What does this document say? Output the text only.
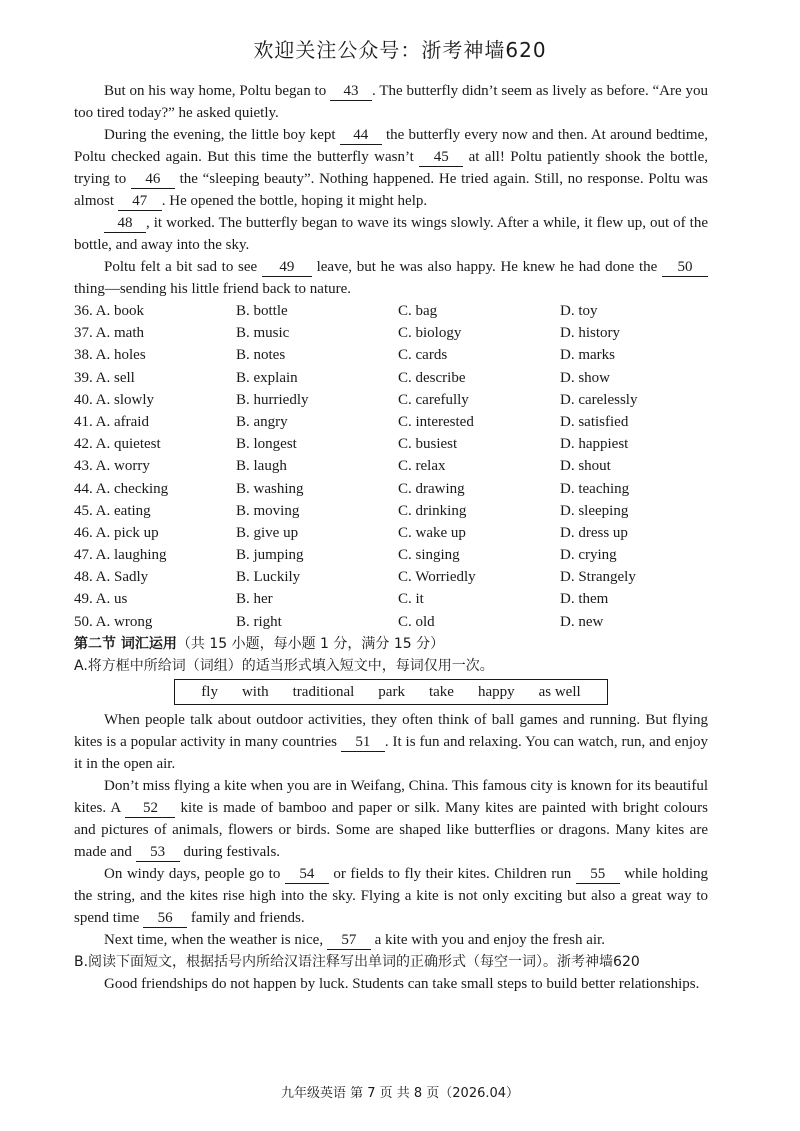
欢迎关注公众号：浙考神墙620

But on his way home, Poltu began to 43 . The butterfly didn’t seem as lively as before. “Are you too tired today?” he asked quietly.

During the evening, the little boy kept 44 the butterfly every now and then. At around bedtime, Poltu checked again. But this time the butterfly wasn’t 45 at all! Poltu patiently shook the bottle, trying to 46 the “sleeping beauty”. Nothing happened. He tried again. Still, no response. Poltu was almost 47 . He opened the bottle, hoping it might help.

48 , it worked. The butterfly began to wave its wings slowly. After a while, it flew up, out of the bottle, and away into the sky.

Poltu felt a bit sad to see 49 leave, but he was also happy. He knew he had done the 50 thing—sending his little friend back to nature.

36. A. book	B. bottle	C. bag	D. toy
37. A. math	B. music	C. biology	D. history
38. A. holes	B. notes	C. cards	D. marks
39. A. sell	B. explain	C. describe	D. show
40. A. slowly	B. hurriedly	C. carefully	D. carelessly
41. A. afraid	B. angry	C. interested	D. satisfied
42. A. quietest	B. longest	C. busiest	D. happiest
43. A. worry	B. laugh	C. relax	D. shout
44. A. checking	B. washing	C. drawing	D. teaching
45. A. eating	B. moving	C. drinking	D. sleeping
46. A. pick up	B. give up	C. wake up	D. dress up
47. A. laughing	B. jumping	C. singing	D. crying
48. A. Sadly	B. Luckily	C. Worriedly	D. Strangely
49. A. us	B. her	C. it	D. them
50. A. wrong	B. right	C. old	D. new

第二节 词汇运用（共 15 小题，每小题 1 分，满分 15 分）

A.将方框中所给词（词组）的适当形式填入短文中，每词仅用一次。

fly with traditional park take happy as well

When people talk about outdoor activities, they often think of ball games and running. But flying kites is a popular activity in many countries 51 . It is fun and relaxing. You can watch, run, and enjoy it in the open air.

Don’t miss flying a kite when you are in Weifang, China. This famous city is known for its beautiful kites. A 52 kite is made of bamboo and paper or silk. Many kites are painted with bright colours and pictures of animals, flowers or birds. Some are shaped like butterflies or dragons. Many kites are made and 53 during festivals.

On windy days, people go to 54 or fields to fly their kites. Children run 55 while holding the string, and the kites rise high into the sky. Flying a kite is not only exciting but also a great way to spend time 56 family and friends.

Next time, when the weather is nice, 57 a kite with you and enjoy the fresh air.

B.阅读下面短文，根据括号内所给汉语注释写出单词的正确形式（每空一词）。浙考神墙620

Good friendships do not happen by luck. Students can take small steps to build better relationships.

九年级英语 第 7 页 共 8 页（2026.04）
